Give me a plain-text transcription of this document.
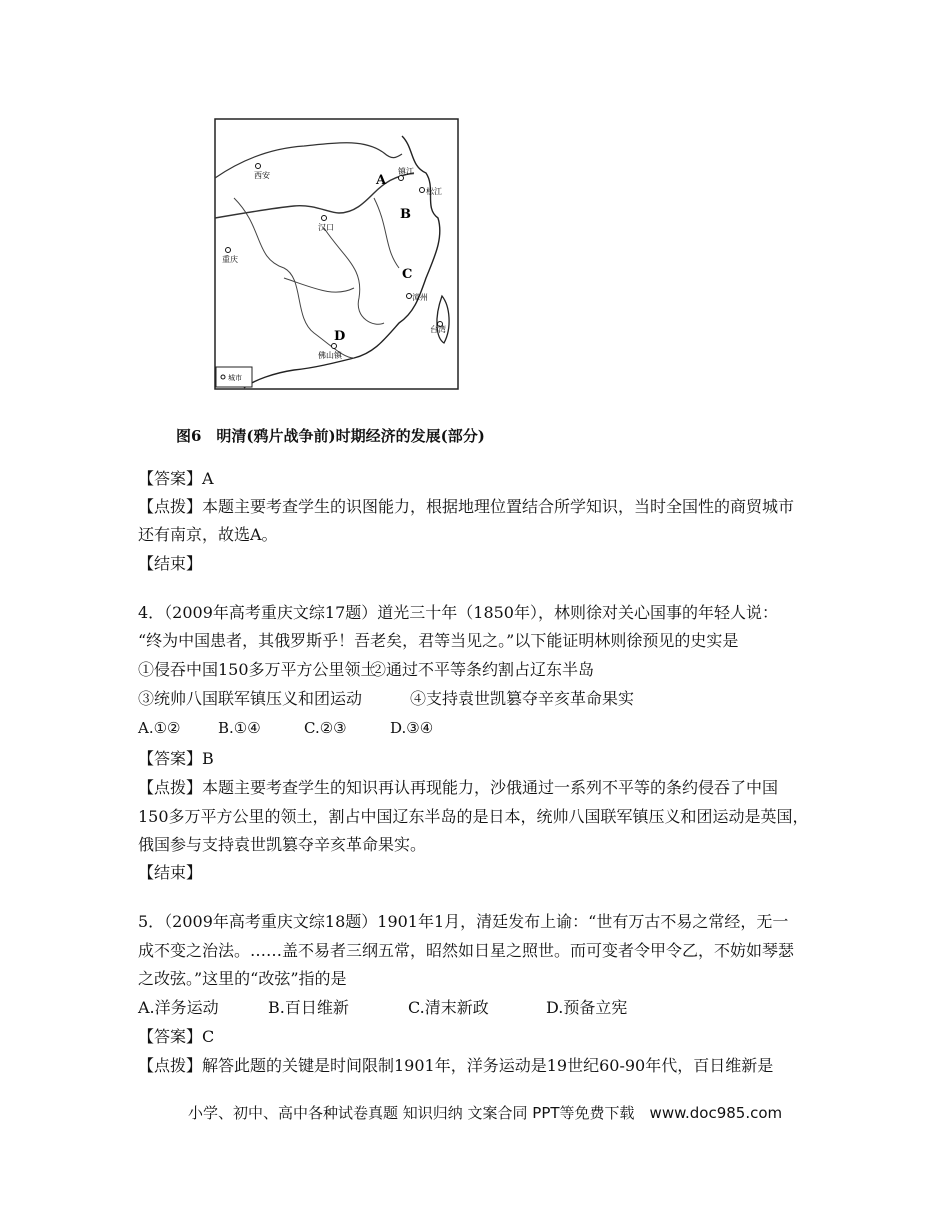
西安	镇江
松江
汉口
重庆
漳州
佛山镇
台湾
A
B
C
D
城市
图6　明清(鸦片战争前)时期经济的发展(部分)
【答案】A
【点拨】本题主要考查学生的识图能力，根据地理位置结合所学知识，当时全国性的商贸城市
还有南京，故选A。
【结束】
4．（2009年高考重庆文综17题）道光三十年（1850年），林则徐对关心国事的年轻人说：
“终为中国患者，其俄罗斯乎！吾老矣，君等当见之。”以下能证明林则徐预见的史实是
①侵吞中国150多万平方公里领土
②通过不平等条约割占辽东半岛
③统帅八国联军镇压义和团运动	④支持袁世凯篡夺辛亥革命果实
A.①②	B.①④	C.②③	D.③④
【答案】B
【点拨】本题主要考查学生的知识再认再现能力，沙俄通过一系列不平等的条约侵吞了中国
150多万平方公里的领土，割占中国辽东半岛的是日本，统帅八国联军镇压义和团运动是英国，
俄国参与支持袁世凯篡夺辛亥革命果实。
【结束】
5．（2009年高考重庆文综18题）1901年1月，清廷发布上谕：“世有万古不易之常经，无一
成不变之治法。……盖不易者三纲五常，昭然如日星之照世。而可变者令甲令乙，不妨如琴瑟
之改弦。”这里的“改弦”指的是
A.洋务运动	B.百日维新	C.清末新政	D.预备立宪
【答案】C
【点拨】解答此题的关键是时间限制1901年，洋务运动是19世纪60-90年代，百日维新是
小学、初中、高中各种试卷真题 知识归纳 文案合同 PPT等免费下载　www.doc985.com
